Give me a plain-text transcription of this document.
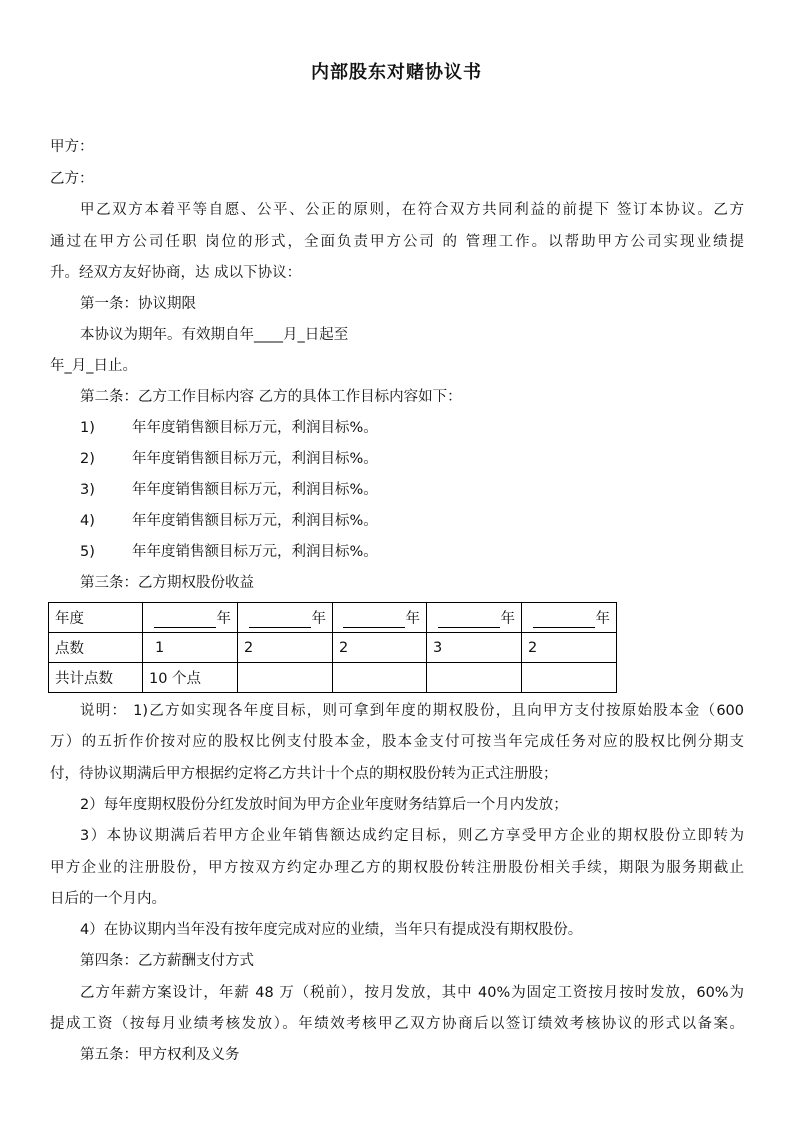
内部股东对赌协议书
甲方：
乙方：
甲乙双方本着平等自愿、公平、公正的原则，在符合双方共同利益的前提下 签订本协议。乙方
通过在甲方公司任职 岗位的形式，全面负责甲方公司 的 管理工作。以帮助甲方公司实现业绩提
升。经双方友好协商，达 成以下协议：
第一条：协议期限
本协议为期年。有效期自年____月_日起至
年_月_日止。
第二条：乙方工作目标内容 乙方的具体工作目标内容如下：
1)	年年度销售额目标万元，利润目标%。
2)	年年度销售额目标万元，利润目标%。
3)	年年度销售额目标万元，利润目标%。
4)	年年度销售额目标万元，利润目标%。
5)	年年度销售额目标万元，利润目标%。
第三条：乙方期权股份收益
年度	年	年	年	年	年

点数	1	2	2	3	2
共计点数	10 个点				
说明： 1)乙方如实现各年度目标，则可拿到年度的期权股份，且向甲方支付按原始股本金（600
万）的五折作价按对应的股权比例支付股本金，股本金支付可按当年完成任务对应的股权比例分期支
付，待协议期满后甲方根据约定将乙方共计十个点的期权股份转为正式注册股；
2）每年度期权股份分红发放时间为甲方企业年度财务结算后一个月内发放；
3）本协议期满后若甲方企业年销售额达成约定目标，则乙方享受甲方企业的期权股份立即转为
甲方企业的注册股份，甲方按双方约定办理乙方的期权股份转注册股份相关手续，期限为服务期截止
日后的一个月内。
4）在协议期内当年没有按年度完成对应的业绩，当年只有提成没有期权股份。
第四条：乙方薪酬支付方式
乙方年薪方案设计，年薪 48 万（税前），按月发放，其中 40%为固定工资按月按时发放，60%为
提成工资（按每月业绩考核发放）。年绩效考核甲乙双方协商后以签订绩效考核协议的形式以备案。
第五条：甲方权利及义务
